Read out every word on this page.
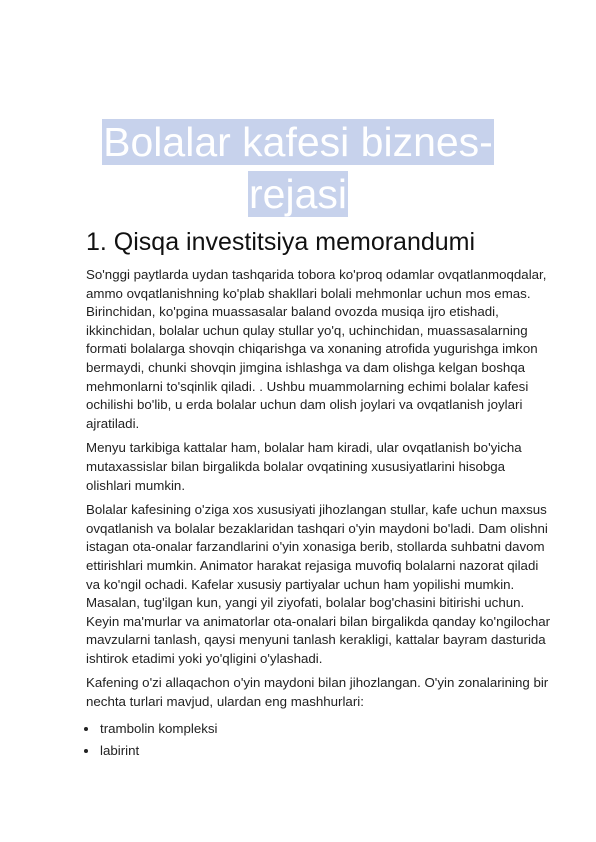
Bolalar kafesi biznes-rejasi
1. Qisqa investitsiya memorandumi

So'nggi paytlarda uydan tashqarida tobora ko'proq odamlar ovqatlanmoqdalar, ammo ovqatlanishning ko'plab shakllari bolali mehmonlar uchun mos emas. Birinchidan, ko'pgina muassasalar baland ovozda musiqa ijro etishadi, ikkinchidan, bolalar uchun qulay stullar yo'q, uchinchidan, muassasalarning formati bolalarga shovqin chiqarishga va xonaning atrofida yugurishga imkon bermaydi, chunki shovqin jimgina ishlashga va dam olishga kelgan boshqa mehmonlarni to'sqinlik qiladi. . Ushbu muammolarning echimi bolalar kafesi ochilishi bo'lib, u erda bolalar uchun dam olish joylari va ovqatlanish joylari ajratiladi.

Menyu tarkibiga kattalar ham, bolalar ham kiradi, ular ovqatlanish bo'yicha mutaxassislar bilan birgalikda bolalar ovqatining xususiyatlarini hisobga olishlari mumkin.

Bolalar kafesining o'ziga xos xususiyati jihozlangan stullar, kafe uchun maxsus ovqatlanish va bolalar bezaklaridan tashqari o'yin maydoni bo'ladi. Dam olishni istagan ota-onalar farzandlarini o'yin xonasiga berib, stollarda suhbatni davom ettirishlari mumkin. Animator harakat rejasiga muvofiq bolalarni nazorat qiladi va ko'ngil ochadi. Kafelar xususiy partiyalar uchun ham yopilishi mumkin. Masalan, tug'ilgan kun, yangi yil ziyofati, bolalar bog'chasini bitirishi uchun. Keyin ma'murlar va animatorlar ota-onalari bilan birgalikda qanday ko'ngilochar mavzularni tanlash, qaysi menyuni tanlash kerakligi, kattalar bayram dasturida ishtirok etadimi yoki yo'qligini o'ylashadi.

Kafening o'zi allaqachon o'yin maydoni bilan jihozlangan. O'yin zonalarining bir nechta turlari mavjud, ulardan eng mashhurlari:

trambolin kompleksi
labirint
